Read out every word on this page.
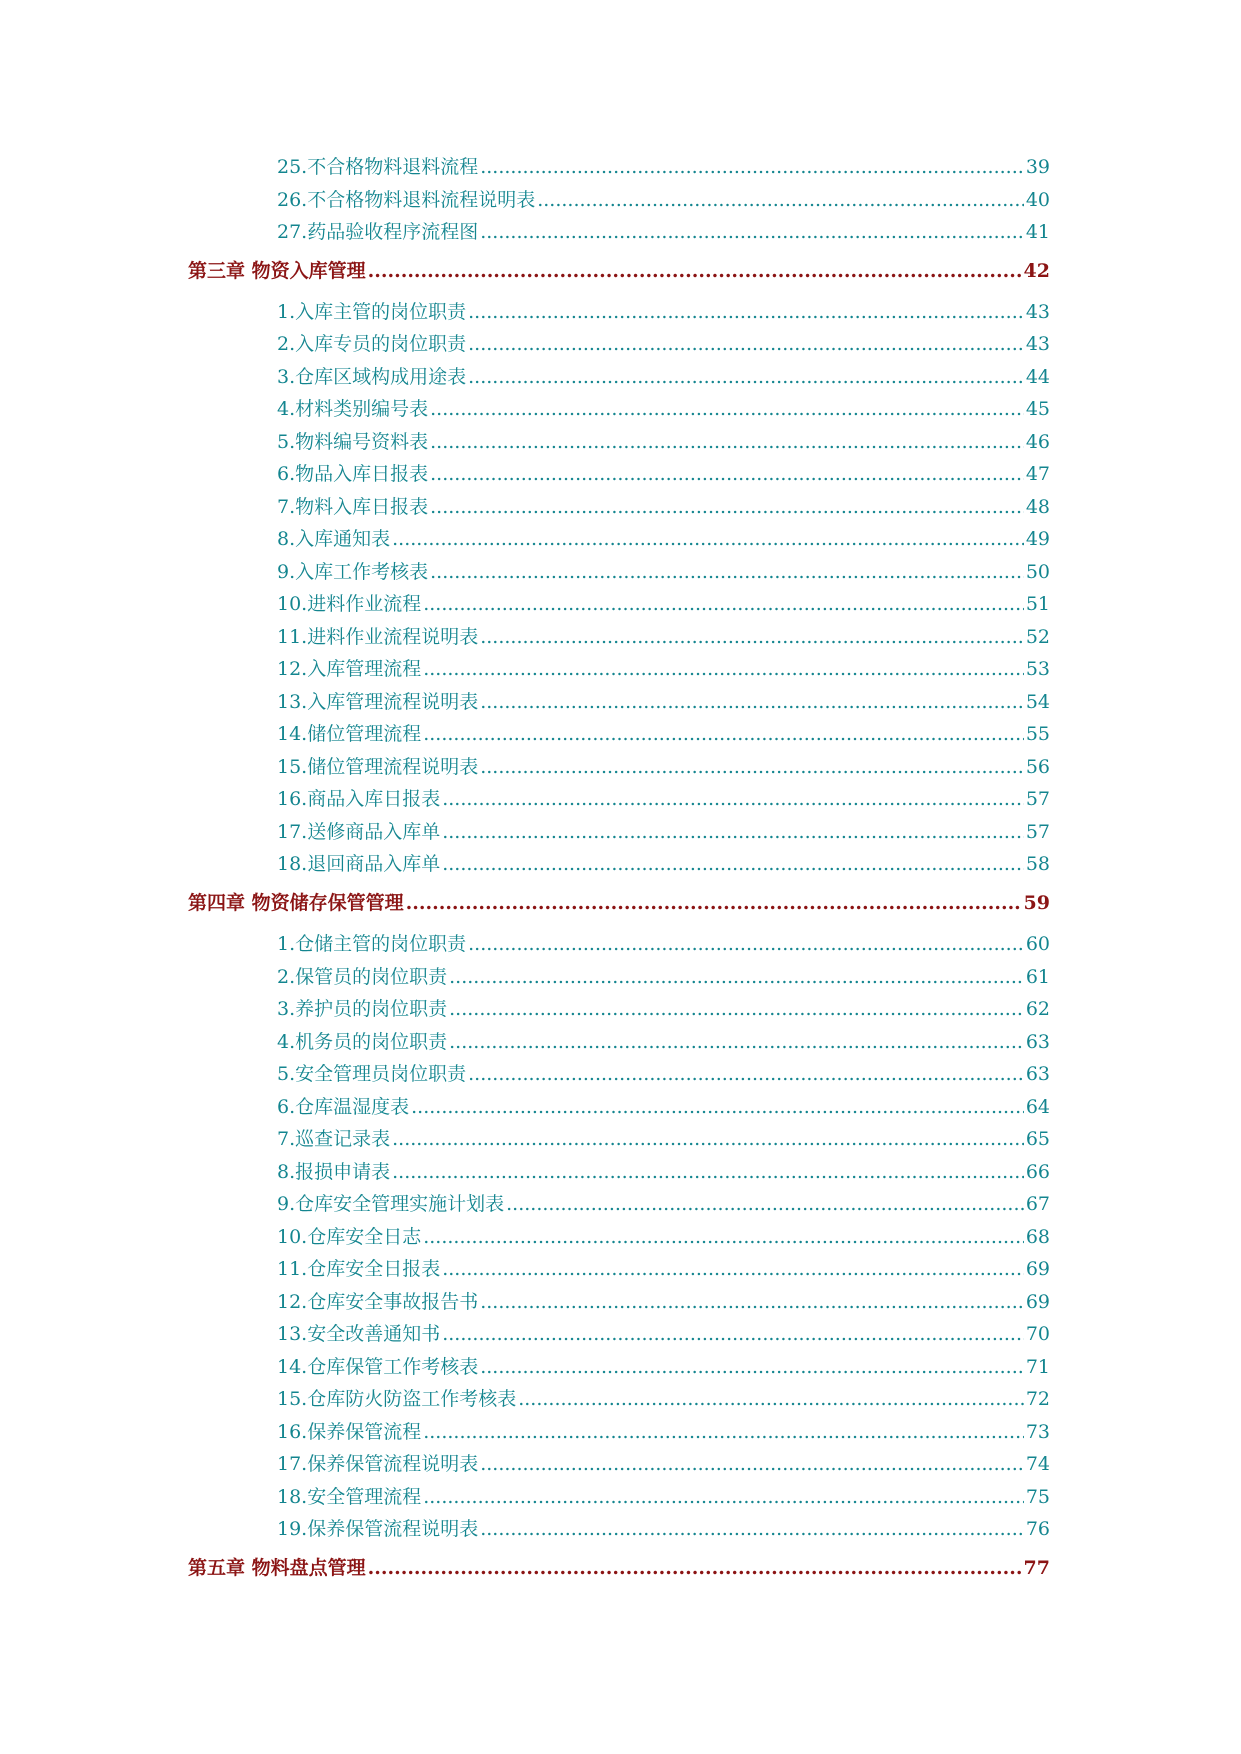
25.不合格物料退料流程 .....	39
26.不合格物料退料流程说明表 .....	40
27.药品验收程序流程图 .....	41
第三章 物资入库管理 .....	42
1.入库主管的岗位职责 .....	43
2.入库专员的岗位职责 .....	43
3.仓库区域构成用途表 .....	44
4.材料类别编号表 .....	45
5.物料编号资料表 .....	46
6.物品入库日报表 .....	47
7.物料入库日报表 .....	48
8.入库通知表 .....	49
9.入库工作考核表 .....	50
10.进料作业流程 .....	51
11.进料作业流程说明表 .....	52
12.入库管理流程 .....	53
13.入库管理流程说明表 .....	54
14.储位管理流程 .....	55
15.储位管理流程说明表 .....	56
16.商品入库日报表 .....	57
17.送修商品入库单 .....	57
18.退回商品入库单 .....	58
第四章 物资储存保管管理 .....	59
1.仓储主管的岗位职责 .....	60
2.保管员的岗位职责 .....	61
3.养护员的岗位职责 .....	62
4.机务员的岗位职责 .....	63
5.安全管理员岗位职责 .....	63
6.仓库温湿度表 .....	64
7.巡查记录表 .....	65
8.报损申请表 .....	66
9.仓库安全管理实施计划表 .....	67
10.仓库安全日志 .....	68
11.仓库安全日报表 .....	69
12.仓库安全事故报告书 .....	69
13.安全改善通知书 .....	70
14.仓库保管工作考核表 .....	71
15.仓库防火防盗工作考核表 .....	72
16.保养保管流程 .....	73
17.保养保管流程说明表 .....	74
18.安全管理流程 .....	75
19.保养保管流程说明表 .....	76
第五章 物料盘点管理 .....	77
